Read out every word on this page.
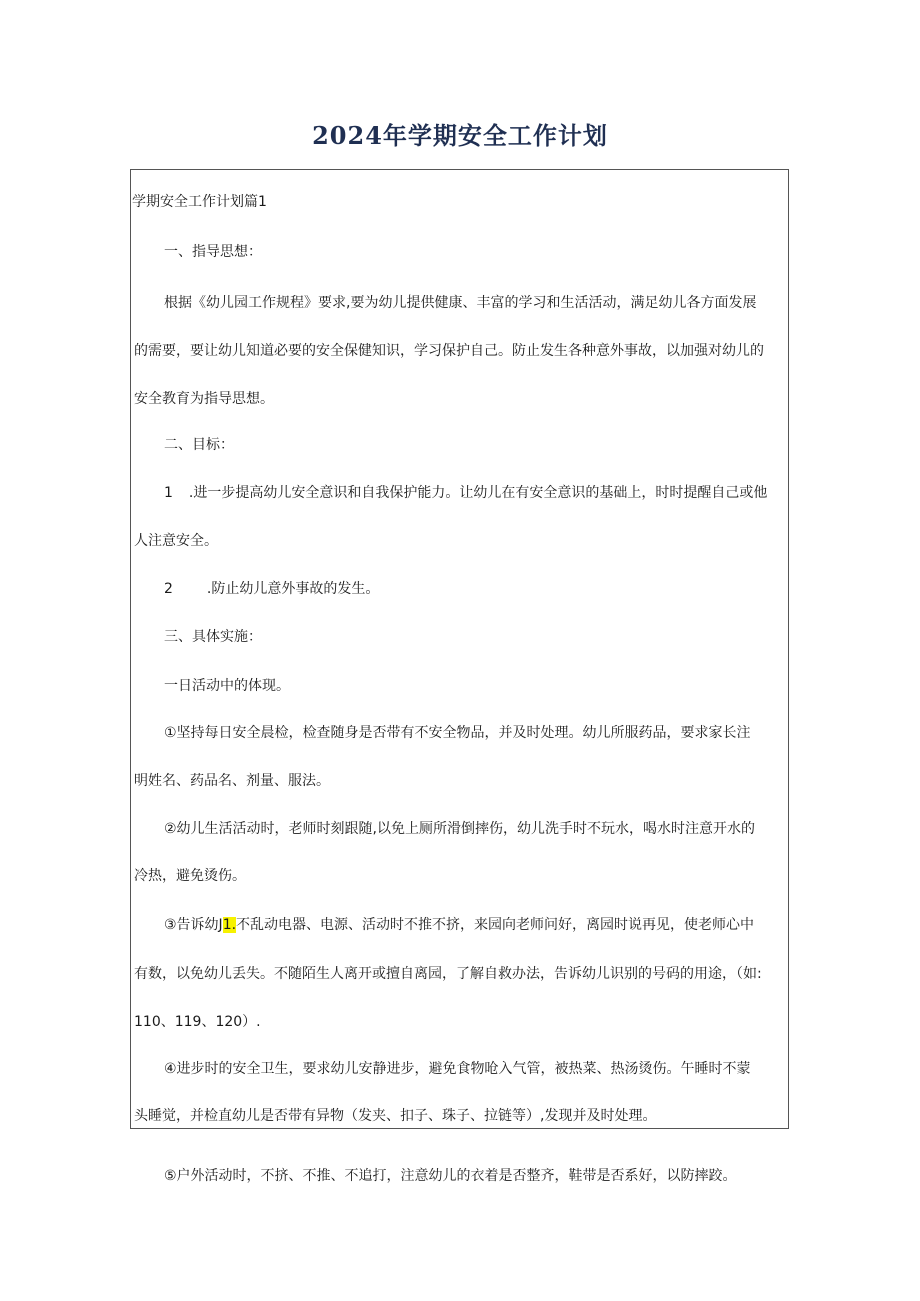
2024年学期安全工作计划
学期安全工作计划篇1
一、指导思想：
根据《幼儿园工作规程》要求,要为幼儿提供健康、丰富的学习和生活活动，满足幼儿各方面发展
的需要，要让幼儿知道必要的安全保健知识，学习保护自己。防止发生各种意外事故，以加强对幼儿的
安全教育为指导思想。
二、目标：
1 .进一步提高幼儿安全意识和自我保护能力。让幼儿在有安全意识的基础上，时时提醒自己或他
人注意安全。
2 .防止幼儿意外事故的发生。
三、具体实施：
一日活动中的体现。
①坚持每日安全晨检，检查随身是否带有不安全物品，并及时处理。幼儿所服药品，要求家长注
明姓名、药品名、剂量、服法。
②幼儿生活活动时，老师时刻跟随,以免上厕所滑倒摔伤，幼儿洗手时不玩水，喝水时注意开水的
冷热，避免烫伤。
③告诉幼J1.不乱动电器、电源、活动时不推不挤，来园向老师问好，离园时说再见，使老师心中
有数，以免幼儿丢失。不随陌生人离开或擅自离园，了解自救办法，告诉幼儿识别的号码的用途，（如:
110、119、120）.
④进步时的安全卫生，要求幼儿安静进步，避免食物呛入气管，被热菜、热汤烫伤。午睡时不蒙
头睡觉，并检直幼儿是否带有异物（发夹、扣子、珠子、拉链等）,发现并及时处理。
⑤户外活动时，不挤、不推、不追打，注意幼儿的衣着是否整齐，鞋带是否系好，以防摔跤。
